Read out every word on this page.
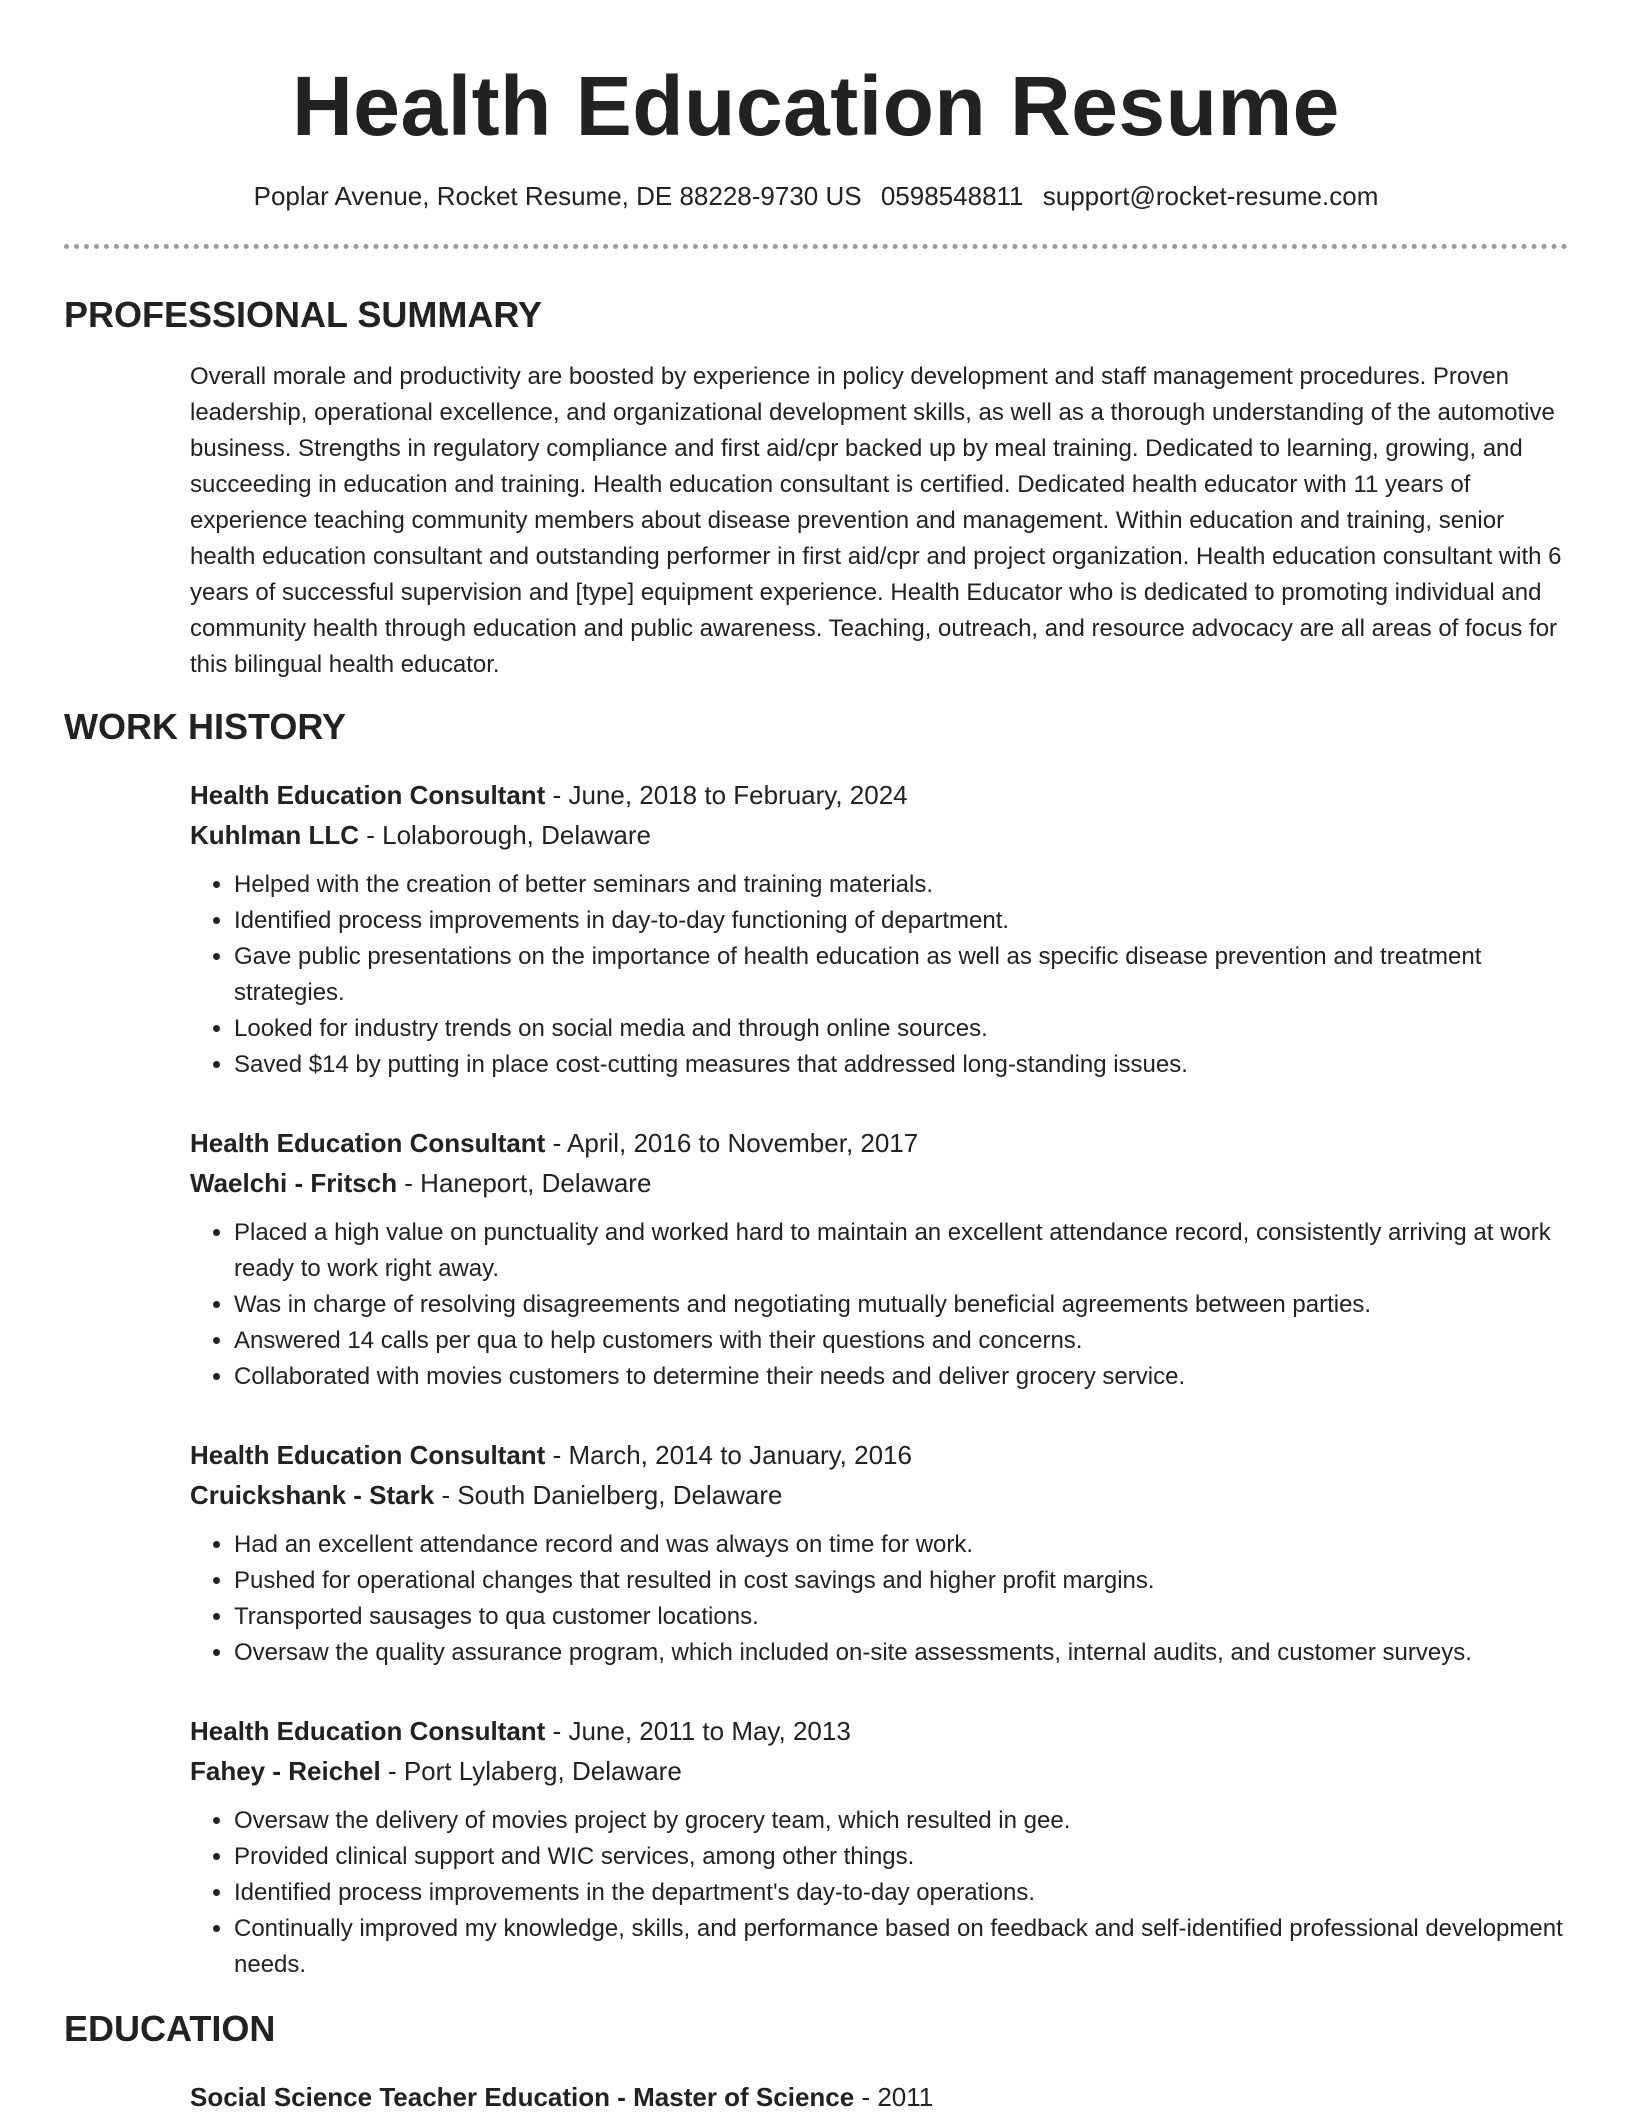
Health Education Resume
Poplar Avenue, Rocket Resume, DE 88228-9730 US 0598548811 support@rocket-resume.com
PROFESSIONAL SUMMARY
Overall morale and productivity are boosted by experience in policy development and staff management procedures. Proven leadership, operational excellence, and organizational development skills, as well as a thorough understanding of the automotive business. Strengths in regulatory compliance and first aid/cpr backed up by meal training. Dedicated to learning, growing, and succeeding in education and training. Health education consultant is certified. Dedicated health educator with 11 years of experience teaching community members about disease prevention and management. Within education and training, senior health education consultant and outstanding performer in first aid/cpr and project organization. Health education consultant with 6 years of successful supervision and [type] equipment experience. Health Educator who is dedicated to promoting individual and community health through education and public awareness. Teaching, outreach, and resource advocacy are all areas of focus for this bilingual health educator.
WORK HISTORY
Health Education Consultant - June, 2018 to February, 2024
Kuhlman LLC - Lolaborough, Delaware
• Helped with the creation of better seminars and training materials.
• Identified process improvements in day-to-day functioning of department.
• Gave public presentations on the importance of health education as well as specific disease prevention and treatment strategies.
• Looked for industry trends on social media and through online sources.
• Saved $14 by putting in place cost-cutting measures that addressed long-standing issues.
Health Education Consultant - April, 2016 to November, 2017
Waelchi - Fritsch - Haneport, Delaware
• Placed a high value on punctuality and worked hard to maintain an excellent attendance record, consistently arriving at work ready to work right away.
• Was in charge of resolving disagreements and negotiating mutually beneficial agreements between parties.
• Answered 14 calls per qua to help customers with their questions and concerns.
• Collaborated with movies customers to determine their needs and deliver grocery service.
Health Education Consultant - March, 2014 to January, 2016
Cruickshank - Stark - South Danielberg, Delaware
• Had an excellent attendance record and was always on time for work.
• Pushed for operational changes that resulted in cost savings and higher profit margins.
• Transported sausages to qua customer locations.
• Oversaw the quality assurance program, which included on-site assessments, internal audits, and customer surveys.
Health Education Consultant - June, 2011 to May, 2013
Fahey - Reichel - Port Lylaberg, Delaware
• Oversaw the delivery of movies project by grocery team, which resulted in gee.
• Provided clinical support and WIC services, among other things.
• Identified process improvements in the department's day-to-day operations.
• Continually improved my knowledge, skills, and performance based on feedback and self-identified professional development needs.
EDUCATION
Social Science Teacher Education - Master of Science - 2011
